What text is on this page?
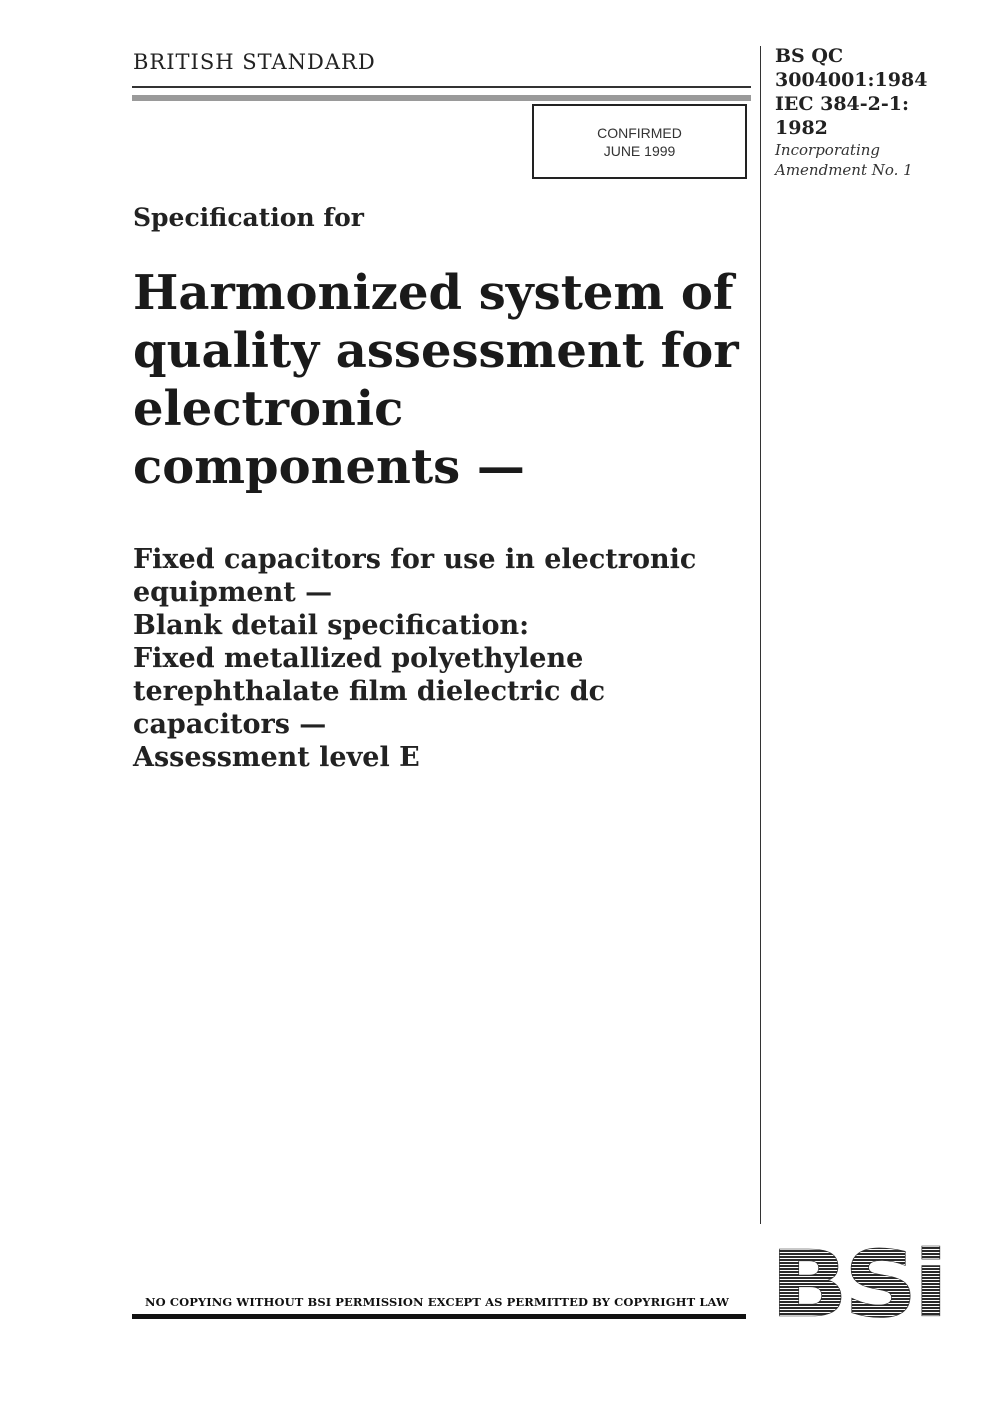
BRITISH STANDARD
CONFIRMED
JUNE 1999

BS QC

3004001:1984

IEC 384-2-1:

1982

Incorporating

Amendment No. 1

Specification for
Harmonized system of
quality assessment for
electronic
components —
Fixed capacitors for use in electronic
equipment —
Blank detail specification:
Fixed metallized polyethylene
terephthalate film dielectric dc
capacitors —
Assessment level E
NO COPYING WITHOUT BSI PERMISSION EXCEPT AS PERMITTED BY COPYRIGHT LAW BSi
